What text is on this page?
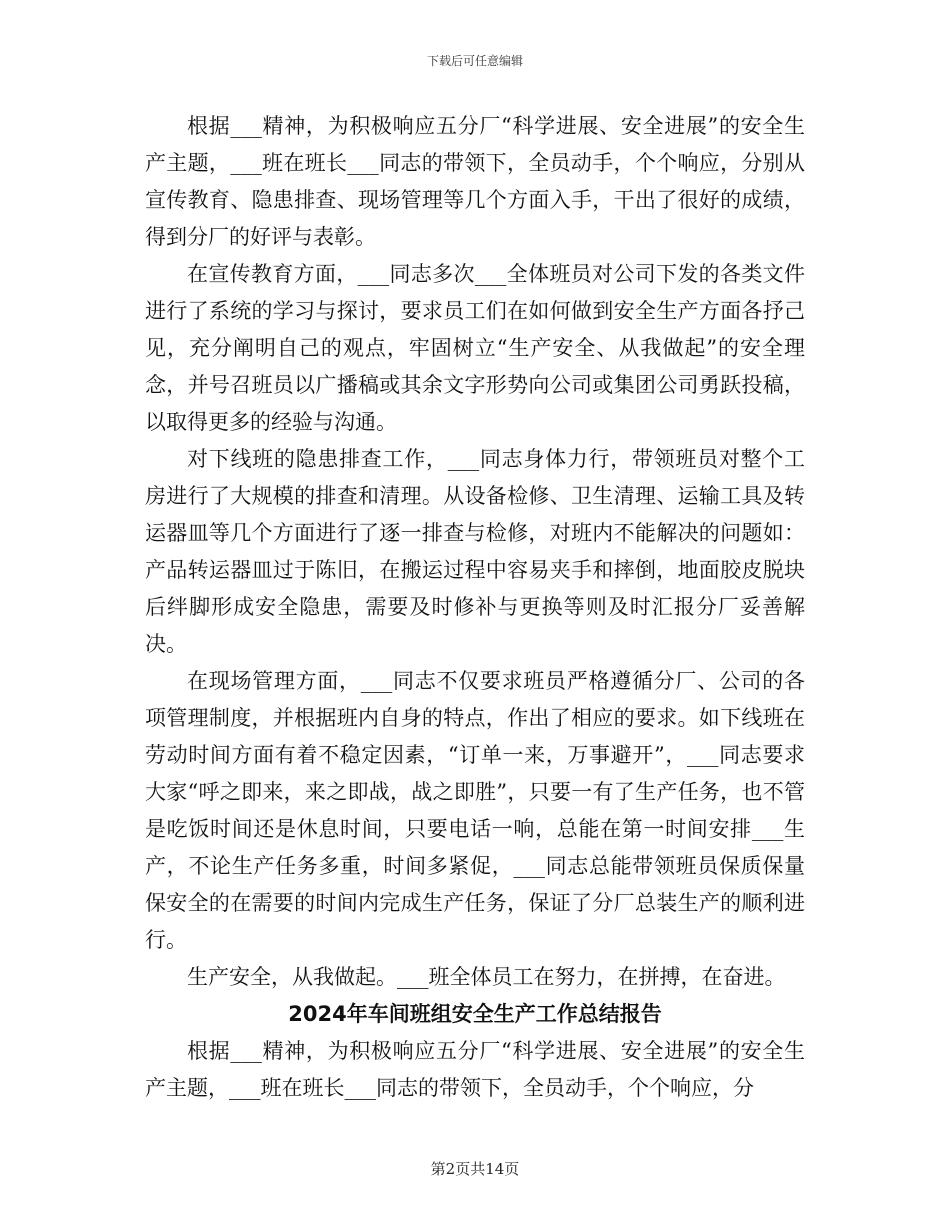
下载后可任意编辑

根据___精神，为积极响应五分厂“科学进展、安全进展”的安全生产主题，___班在班长___同志的带领下，全员动手，个个响应，分别从宣传教育、隐患排查、现场管理等几个方面入手，干出了很好的成绩，得到分厂的好评与表彰。

在宣传教育方面，___同志多次___全体班员对公司下发的各类文件进行了系统的学习与探讨，要求员工们在如何做到安全生产方面各抒己见，充分阐明自己的观点，牢固树立“生产安全、从我做起”的安全理念，并号召班员以广播稿或其余文字形势向公司或集团公司勇跃投稿，以取得更多的经验与沟通。

对下线班的隐患排查工作，___同志身体力行，带领班员对整个工房进行了大规模的排查和清理。从设备检修、卫生清理、运输工具及转运器皿等几个方面进行了逐一排查与检修，对班内不能解决的问题如：产品转运器皿过于陈旧，在搬运过程中容易夹手和摔倒，地面胶皮脱块后绊脚形成安全隐患，需要及时修补与更换等则及时汇报分厂妥善解决。

在现场管理方面，___同志不仅要求班员严格遵循分厂、公司的各项管理制度，并根据班内自身的特点，作出了相应的要求。如下线班在劳动时间方面有着不稳定因素，“订单一来，万事避开”，___同志要求大家“呼之即来，来之即战，战之即胜”，只要一有了生产任务，也不管是吃饭时间还是休息时间，只要电话一响，总能在第一时间安排___生产，不论生产任务多重，时间多紧促，___同志总能带领班员保质保量保安全的在需要的时间内完成生产任务，保证了分厂总装生产的顺利进行。

生产安全，从我做起。___班全体员工在努力，在拼搏，在奋进。

2024年车间班组安全生产工作总结报告

根据___精神，为积极响应五分厂“科学进展、安全进展”的安全生产主题，___班在班长___同志的带领下，全员动手，个个响应，分

第2页共14页
